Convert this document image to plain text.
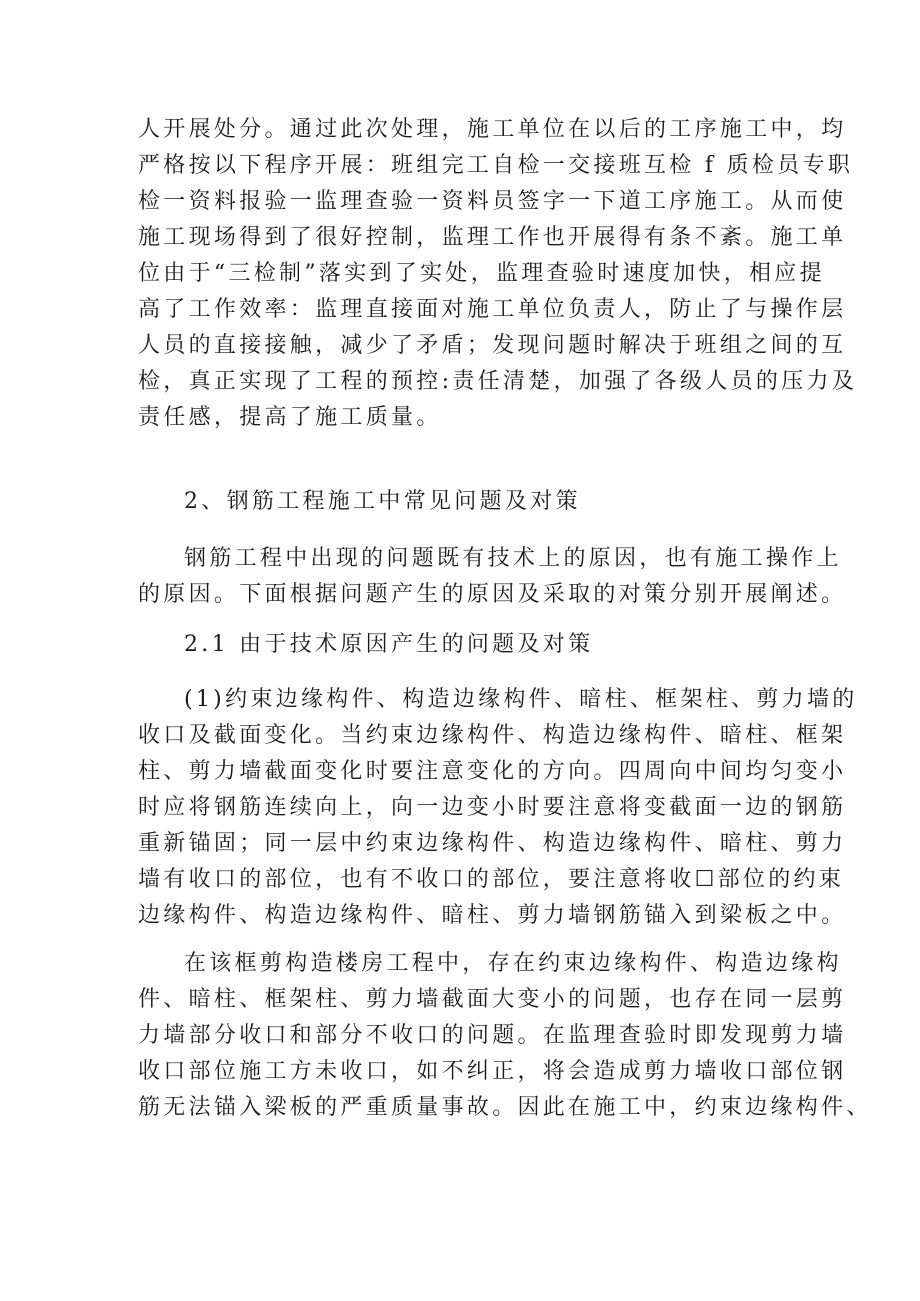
人开展处分。通过此次处理，施工单位在以后的工序施工中，均
严格按以下程序开展：班组完工自检一交接班互检 f 质检员专职
检一资料报验一监理查验一资料员签字一下道工序施工。从而使
施工现场得到了很好控制，监理工作也开展得有条不紊。施工单
位由于“三检制”落实到了实处，监理查验时速度加快，相应提
高了工作效率：监理直接面对施工单位负责人，防止了与操作层
人员的直接接触，减少了矛盾；发现问题时解决于班组之间的互
检，真正实现了工程的预控:责任清楚，加强了各级人员的压力及
责任感，提高了施工质量。
2、钢筋工程施工中常见问题及对策
钢筋工程中出现的问题既有技术上的原因，也有施工操作上
的原因。下面根据问题产生的原因及采取的对策分别开展阐述。
2.1 由于技术原因产生的问题及对策
(1)约束边缘构件、构造边缘构件、暗柱、框架柱、剪力墙的
收口及截面变化。当约束边缘构件、构造边缘构件、暗柱、框架
柱、剪力墙截面变化时要注意变化的方向。四周向中间均匀变小
时应将钢筋连续向上，向一边变小时要注意将变截面一边的钢筋
重新锚固；同一层中约束边缘构件、构造边缘构件、暗柱、剪力
墙有收口的部位，也有不收口的部位，要注意将收☐部位的约束
边缘构件、构造边缘构件、暗柱、剪力墙钢筋锚入到梁板之中。
在该框剪构造楼房工程中，存在约束边缘构件、构造边缘构
件、暗柱、框架柱、剪力墙截面大变小的问题，也存在同一层剪
力墙部分收口和部分不收口的问题。在监理查验时即发现剪力墙
收口部位施工方未收口，如不纠正，将会造成剪力墙收口部位钢
筋无法锚入梁板的严重质量事故。因此在施工中，约束边缘构件、
